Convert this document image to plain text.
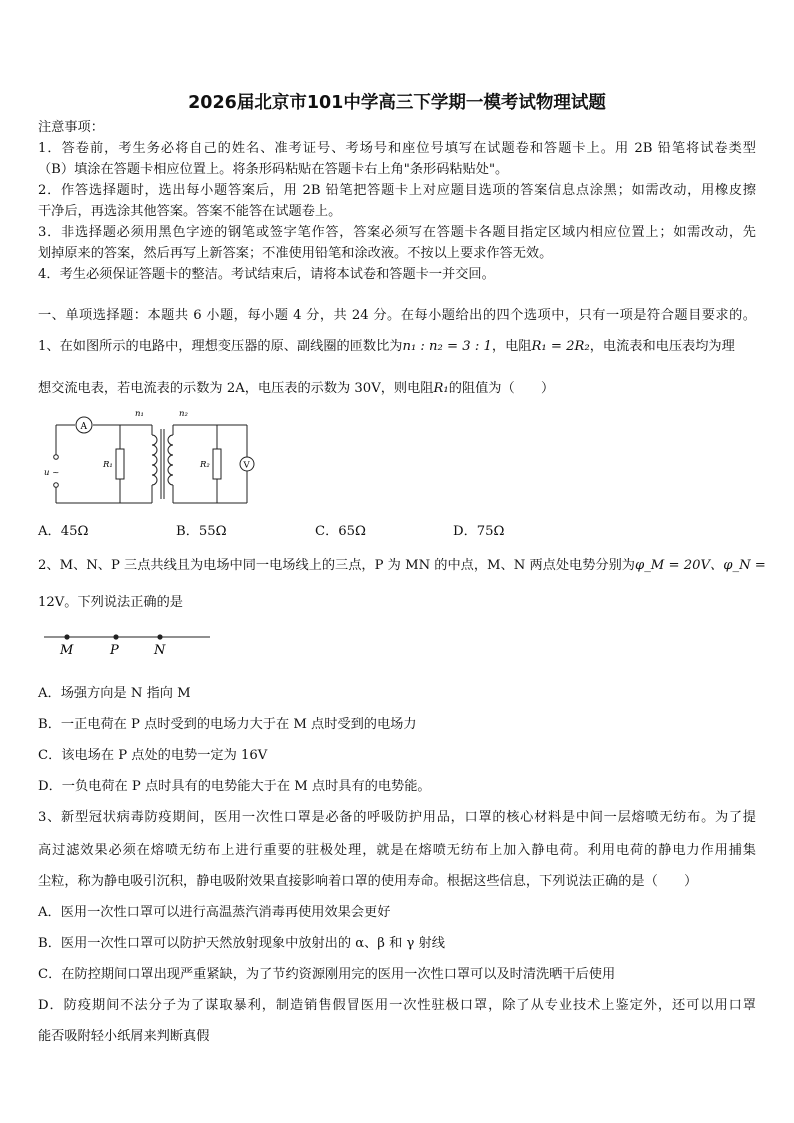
2026届北京市101中学高三下学期一模考试物理试题
注意事项：
1．答卷前，考生务必将自己的姓名、准考证号、考场号和座位号填写在试题卷和答题卡上。用 2B 铅笔将试卷类型
（B）填涂在答题卡相应位置上。将条形码粘贴在答题卡右上角"条形码粘贴处"。
2．作答选择题时，选出每小题答案后，用 2B 铅笔把答题卡上对应题目选项的答案信息点涂黑；如需改动，用橡皮擦
干净后，再选涂其他答案。答案不能答在试题卷上。
3．非选择题必须用黑色字迹的钢笔或签字笔作答，答案必须写在答题卡各题目指定区域内相应位置上；如需改动，先
划掉原来的答案，然后再写上新答案；不准使用铅笔和涂改液。不按以上要求作答无效。
4．考生必须保证答题卡的整洁。考试结束后，请将本试卷和答题卡一并交回。
一、单项选择题：本题共 6 小题，每小题 4 分，共 24 分。在每小题给出的四个选项中，只有一项是符合题目要求的。
1、在如图所示的电路中，理想变压器的原、副线圈的匝数比为n₁ : n₂ = 3 : 1，电阻R₁ = 2R₂，电流表和电压表均为理
想交流电表，若电流表的示数为 2A，电压表的示数为 30V，则电阻R₁的阻值为（　　）
A
V
n₁	n₂
R₁	R₂
u ~
A．45Ω	B．55Ω	C．65Ω	D．75Ω
2、M、N、P 三点共线且为电场中同一电场线上的三点，P 为 MN 的中点，M、N 两点处电势分别为φ_M = 20V、φ_N =
12V。下列说法正确的是
M	P	N
A．场强方向是 N 指向 M
B．一正电荷在 P 点时受到的电场力大于在 M 点时受到的电场力
C．该电场在 P 点处的电势一定为 16V
D．一负电荷在 P 点时具有的电势能大于在 M 点时具有的电势能。
3、新型冠状病毒防疫期间，医用一次性口罩是必备的呼吸防护用品，口罩的核心材料是中间一层熔喷无纺布。为了提
高过滤效果必须在熔喷无纺布上进行重要的驻极处理，就是在熔喷无纺布上加入静电荷。利用电荷的静电力作用捕集
尘粒，称为静电吸引沉积，静电吸附效果直接影响着口罩的使用寿命。根据这些信息，下列说法正确的是（　　）
A．医用一次性口罩可以进行高温蒸汽消毒再使用效果会更好
B．医用一次性口罩可以防护天然放射现象中放射出的 α、β 和 γ 射线
C．在防控期间口罩出现严重紧缺，为了节约资源刚用完的医用一次性口罩可以及时清洗晒干后使用
D．防疫期间不法分子为了谋取暴利，制造销售假冒医用一次性驻极口罩，除了从专业技术上鉴定外，还可以用口罩
能否吸附轻小纸屑来判断真假
